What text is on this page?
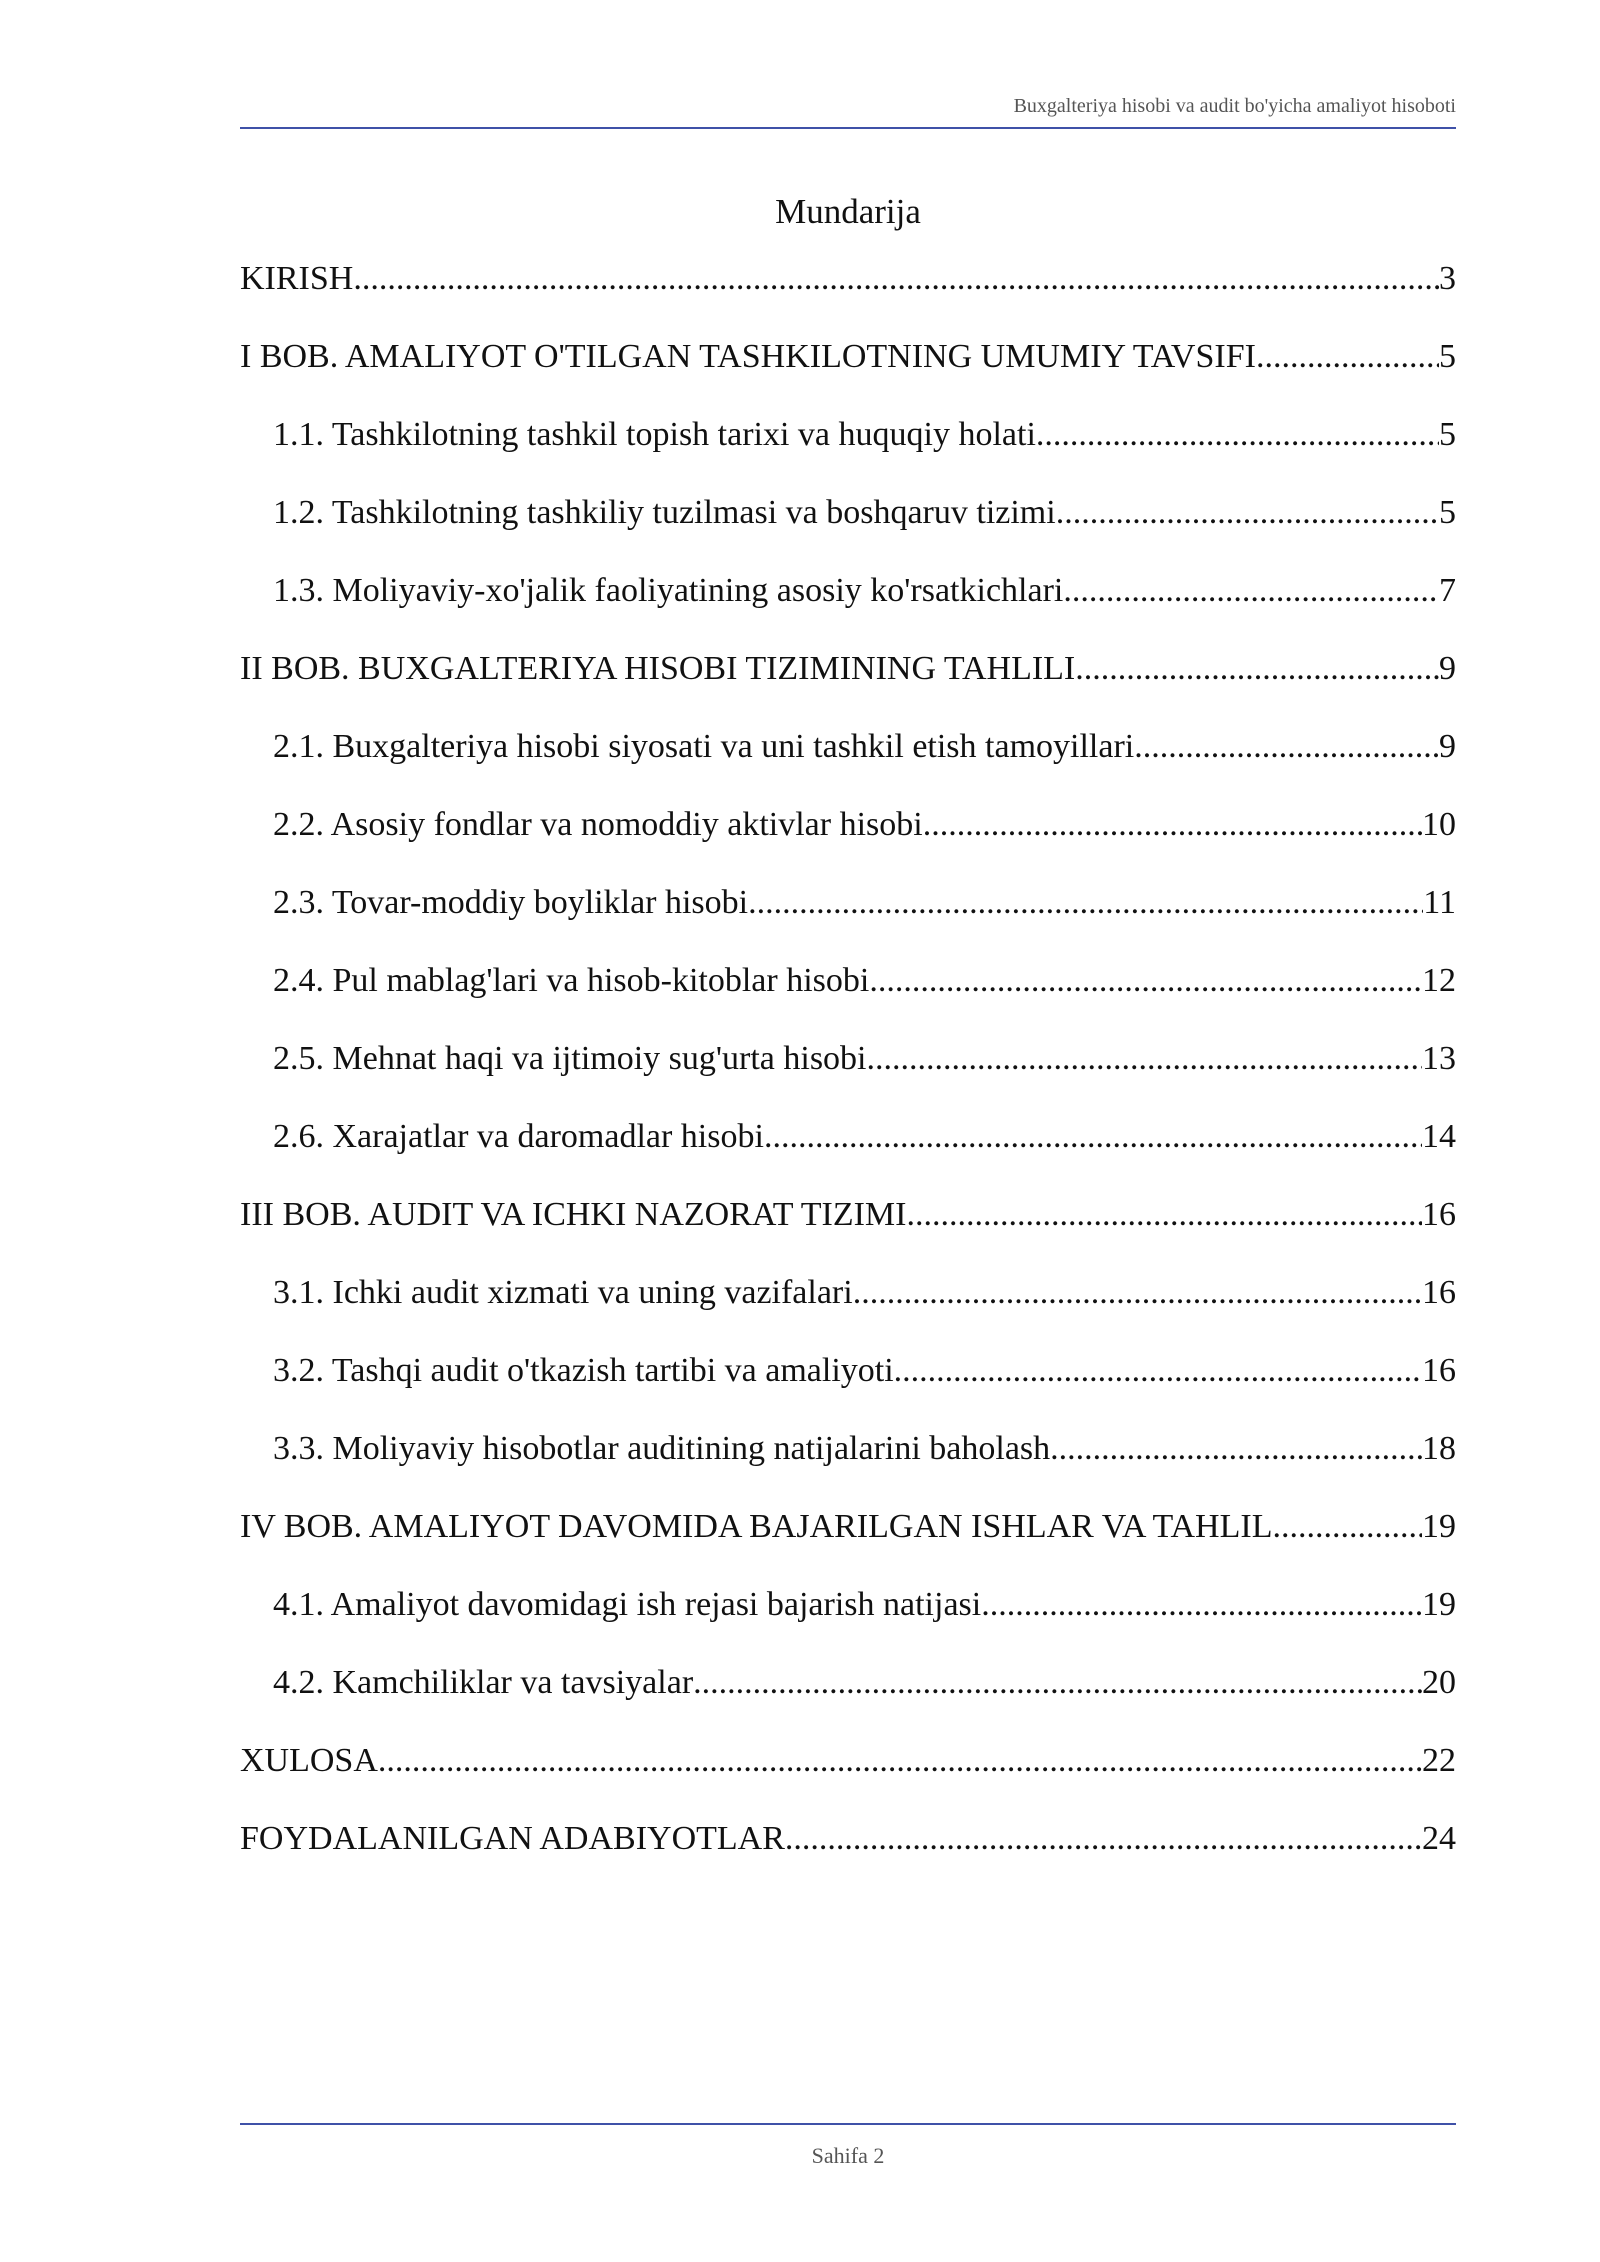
Buxgalteriya hisobi va audit bo'yicha amaliyot hisoboti
Mundarija
KIRISH .....	3
I BOB. AMALIYOT O'TILGAN TASHKILOTNING UMUMIY TAVSIFI .....	5
1.1. Tashkilotning tashkil topish tarixi va huquqiy holati .....	5
1.2. Tashkilotning tashkiliy tuzilmasi va boshqaruv tizimi .....	5
1.3. Moliyaviy-xo'jalik faoliyatining asosiy ko'rsatkichlari .....	7
II BOB. BUXGALTERIYA HISOBI TIZIMINING TAHLILI .....	9
2.1. Buxgalteriya hisobi siyosati va uni tashkil etish tamoyillari .....	9
2.2. Asosiy fondlar va nomoddiy aktivlar hisobi .....	10
2.3. Tovar-moddiy boyliklar hisobi .....	11
2.4. Pul mablag'lari va hisob-kitoblar hisobi .....	12
2.5. Mehnat haqi va ijtimoiy sug'urta hisobi .....	13
2.6. Xarajatlar va daromadlar hisobi .....	14
III BOB. AUDIT VA ICHKI NAZORAT TIZIMI .....	16
3.1. Ichki audit xizmati va uning vazifalari .....	16
3.2. Tashqi audit o'tkazish tartibi va amaliyoti .....	16
3.3. Moliyaviy hisobotlar auditining natijalarini baholash .....	18
IV BOB. AMALIYOT DAVOMIDA BAJARILGAN ISHLAR VA TAHLIL .....	19
4.1. Amaliyot davomidagi ish rejasi bajarish natijasi .....	19
4.2. Kamchiliklar va tavsiyalar .....	20
XULOSA .....	22
FOYDALANILGAN ADABIYOTLAR .....	24
Sahifa 2
